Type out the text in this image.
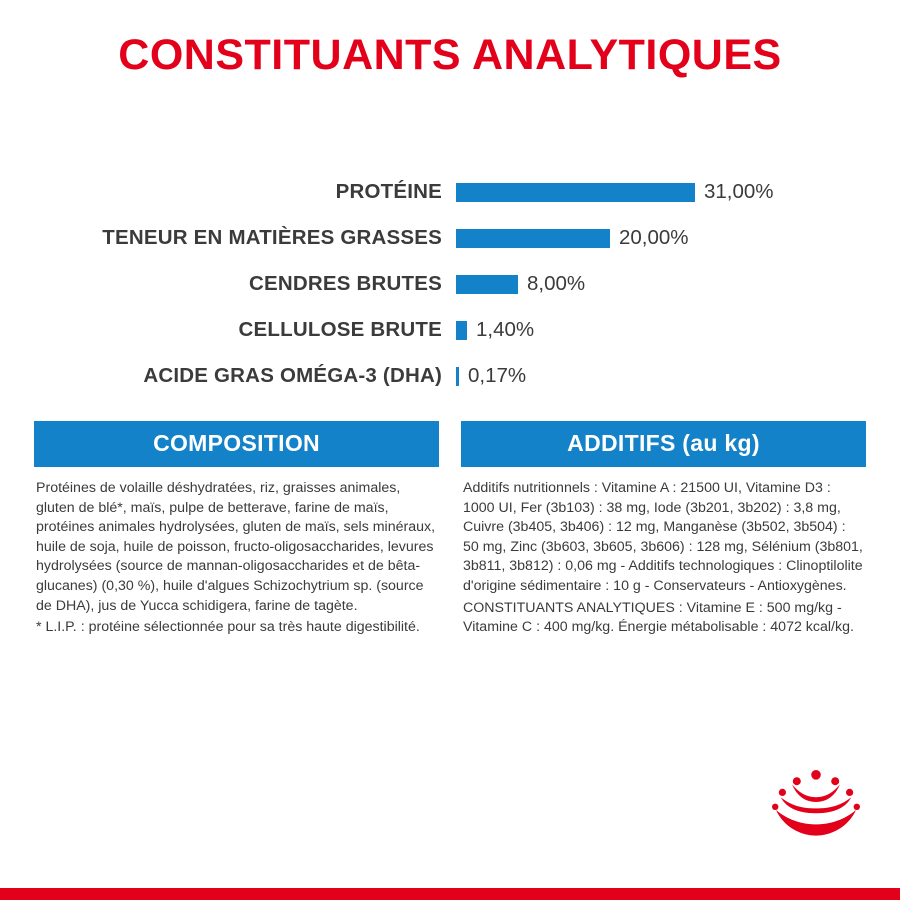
CONSTITUANTS ANALYTIQUES
PROTÉINE	31,00%
TENEUR EN MATIÈRES GRASSES	20,00%
CENDRES BRUTES	8,00%
CELLULOSE BRUTE	1,40%
ACIDE GRAS OMÉGA-3 (DHA)	0,17%
COMPOSITION

Protéines de volaille déshydratées, riz, graisses animales, gluten de blé*, maïs, pulpe de betterave, farine de maïs, protéines animales hydrolysées, gluten de maïs, sels minéraux, huile de soja, huile de poisson, fructo-oligosaccharides, levures hydrolysées (source de mannan-oligosaccharides et de bêta-glucanes) (0,30 %), huile d'algues Schizochytrium sp. (source de DHA), jus de Yucca schidigera, farine de tagète.

* L.I.P. : protéine sélectionnée pour sa très haute digestibilité.

ADDITIFS (au kg)

Additifs nutritionnels : Vitamine A : 21500 UI, Vitamine D3 : 1000 UI, Fer (3b103) : 38 mg, Iode (3b201, 3b202) : 3,8 mg, Cuivre (3b405, 3b406) : 12 mg, Manganèse (3b502, 3b504) : 50 mg, Zinc (3b603, 3b605, 3b606) : 128 mg, Sélénium (3b801, 3b811, 3b812) : 0,06 mg - Additifs technologiques : Clinoptilolite d'origine sédimentaire : 10 g - Conservateurs - Antioxygènes.

CONSTITUANTS ANALYTIQUES : Vitamine E : 500 mg/kg - Vitamine C : 400 mg/kg. Énergie métabolisable : 4072 kcal/kg.
